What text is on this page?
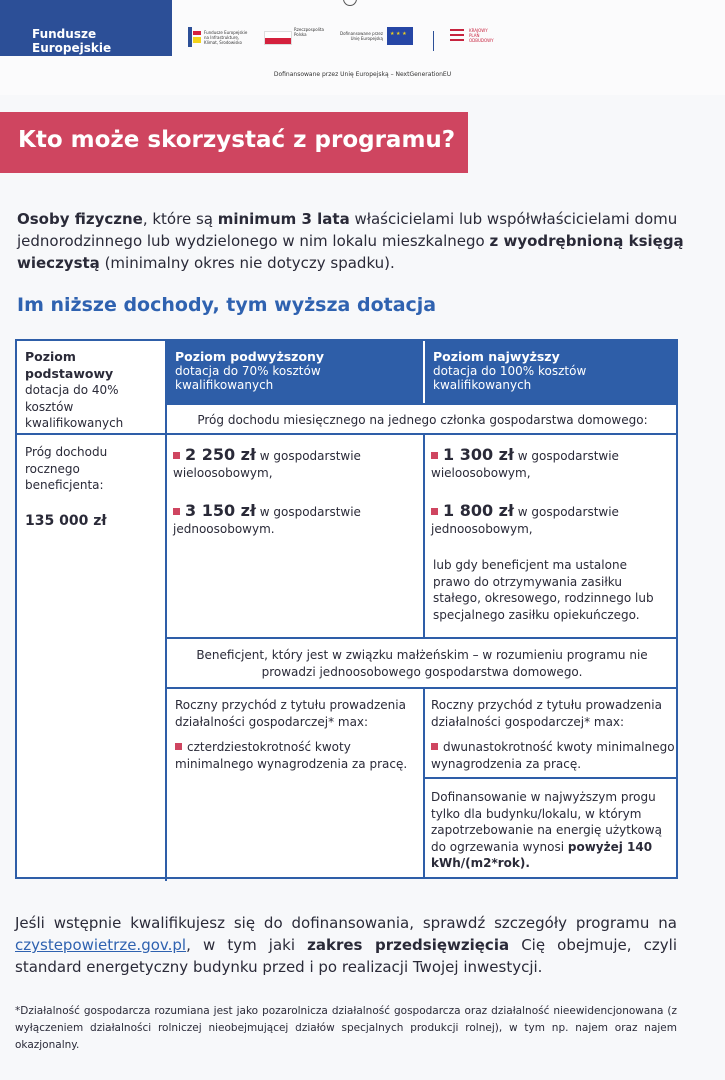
Fundusze Europejskie
Fundusze Europejskie
na Infrastrukturę,
Klimat, Środowisko
Rzeczpospolita
Polska	Dofinansowane przez
Unię Europejską
★ ★ ★
KRAJOWY
PLAN
ODBUDOWY
Dofinansowane przez Unię Europejską – NextGenerationEU
Kto może skorzystać z programu?
Osoby fizyczne, które są minimum 3 lata właścicielami lub współwłaścicielami domu jednorodzinnego lub wydzielonego w nim lokalu mieszkalnego z wyodrębnioną księgą wieczystą (minimalny okres nie dotyczy spadku).
Im niższe dochody, tym wyższa dotacja
Poziom podstawowy
dotacja do 40% kosztów kwalifikowanych
Poziom podwyższony
dotacja do 70% kosztów kwalifikowanych
Poziom najwyższy
dotacja do 100% kosztów kwalifikowanych
Próg dochodu miesięcznego na jednego członka gospodarstwa domowego:
Próg dochodu rocznego beneficjenta:
135 000 zł
2 250 zł w gospodarstwie wieloosobowym,
3 150 zł w gospodarstwie jednoosobowym.
1 300 zł w gospodarstwie wieloosobowym,
1 800 zł w gospodarstwie jednoosobowym,
lub gdy beneficjent ma ustalone prawo do otrzymywania zasiłku stałego, okresowego, rodzinnego lub specjalnego zasiłku opiekuńczego.
Beneficjent, który jest w związku małżeńskim – w rozumieniu programu nie prowadzi jednoosobowego gospodarstwa domowego.
Roczny przychód z tytułu prowadzenia działalności gospodarczej* max:
czterdziestokrotność kwoty minimalnego wynagrodzenia za pracę.
Roczny przychód z tytułu prowadzenia działalności gospodarczej* max:
dwunastokrotność kwoty minimalnego wynagrodzenia za pracę.
Dofinansowanie w najwyższym progu tylko dla budynku/lokalu, w którym zapotrzebowanie na energię użytkową do ogrzewania wynosi powyżej 140 kWh/(m2*rok).
Jeśli wstępnie kwalifikujesz się do dofinansowania, sprawdź szczegóły programu na czystepowietrze.gov.pl, w tym jaki zakres przedsięwzięcia Cię obejmuje, czyli standard energetyczny budynku przed i po realizacji Twojej inwestycji.
*Działalność gospodarcza rozumiana jest jako pozarolnicza działalność gospodarcza oraz działalność nieewidencjonowana (z wyłączeniem działalności rolniczej nieobejmującej działów specjalnych produkcji rolnej), w tym np. najem oraz najem okazjonalny.
